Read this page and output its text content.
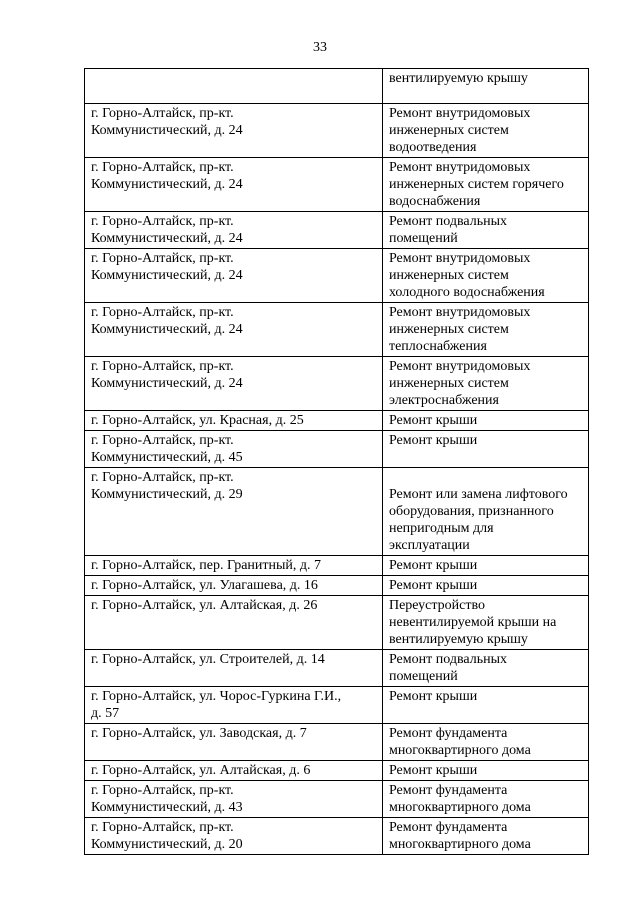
33

	вентилируемую крышу

г. Горно-Алтайск, пр-кт.
Коммунистический, д. 24	Ремонт внутридомовых
инженерных систем
водоотведения

г. Горно-Алтайск, пр-кт.
Коммунистический, д. 24	Ремонт внутридомовых
инженерных систем горячего
водоснабжения

г. Горно-Алтайск, пр-кт.
Коммунистический, д. 24	Ремонт подвальных
помещений

г. Горно-Алтайск, пр-кт.
Коммунистический, д. 24	Ремонт внутридомовых
инженерных систем
холодного водоснабжения

г. Горно-Алтайск, пр-кт.
Коммунистический, д. 24	Ремонт внутридомовых
инженерных систем
теплоснабжения

г. Горно-Алтайск, пр-кт.
Коммунистический, д. 24	Ремонт внутридомовых
инженерных систем
электроснабжения

г. Горно-Алтайск, ул. Красная, д. 25	Ремонт крыши

г. Горно-Алтайск, пр-кт.
Коммунистический, д. 45	Ремонт крыши

г. Горно-Алтайск, пр-кт.
Коммунистический, д. 29	Ремонт или замена лифтового
оборудования, признанного
непригодным для
эксплуатации

г. Горно-Алтайск, пер. Гранитный, д. 7	Ремонт крыши

г. Горно-Алтайск, ул. Улагашева, д. 16	Ремонт крыши

г. Горно-Алтайск, ул. Алтайская, д. 26	Переустройство
невентилируемой крыши на
вентилируемую крышу

г. Горно-Алтайск, ул. Строителей, д. 14	Ремонт подвальных
помещений

г. Горно-Алтайск, ул. Чорос-Гуркина Г.И.,
д. 57	Ремонт крыши

г. Горно-Алтайск, ул. Заводская, д. 7	Ремонт фундамента
многоквартирного дома

г. Горно-Алтайск, ул. Алтайская, д. 6	Ремонт крыши

г. Горно-Алтайск, пр-кт.
Коммунистический, д. 43	Ремонт фундамента
многоквартирного дома

г. Горно-Алтайск, пр-кт.
Коммунистический, д. 20	Ремонт фундамента
многоквартирного дома
